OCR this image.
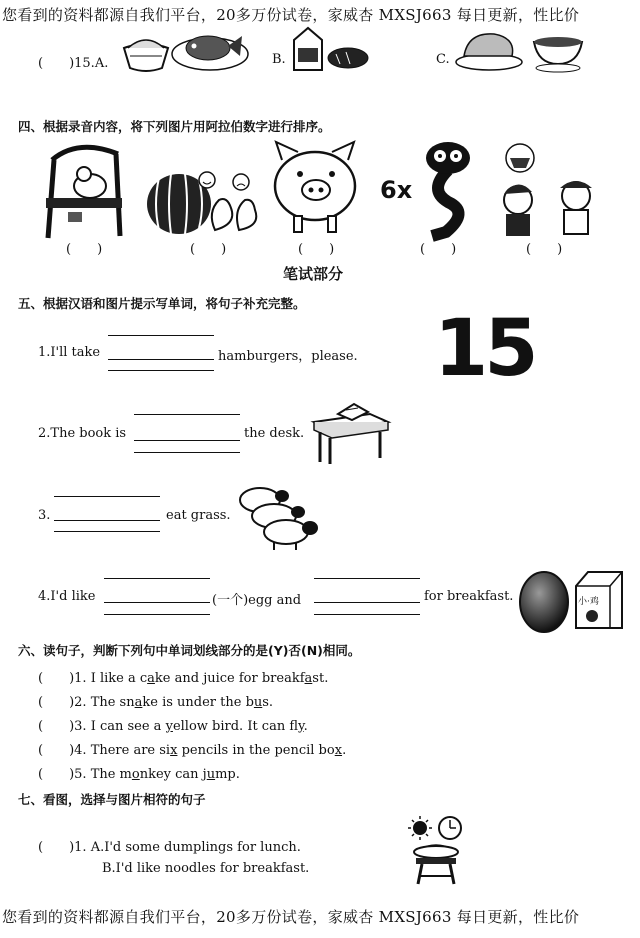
您看到的资料都源自我们平台，20多万份试卷，家威杏 MXSJ663 每日更新，性比价
(　　)15.A.	B.	C.
四、根据录音内容，将下列图片用阿拉伯数字进行排序。
6x
(　　)	(　　)	(　　)	(　　)	(　　)
笔试部分
五、根据汉语和图片提示写单词，将句子补充完整。
1.I'll take	hamburgers，please. 15
2.The book is	the desk.
3.	eat grass.
4.I'd like	(一个)egg and	for breakfast.	小·鸡
六、读句子，判断下列句中单词划线部分的是(Y)否(N)相同。
(　　)1. I like a cake and juice for breakfast.
(　　)2. The snake is under the bus.
(　　)3. I can see a yellow bird. It can fly.
(　　)4. There are six pencils in the pencil box.
(　　)5. The monkey can jump.
七、看图，选择与图片相符的句子
(　　)1. A.I'd some dumplings for lunch.
B.I'd like noodles for breakfast.
您看到的资料都源自我们平台，20多万份试卷，家威杏 MXSJ663 每日更新，性比价
